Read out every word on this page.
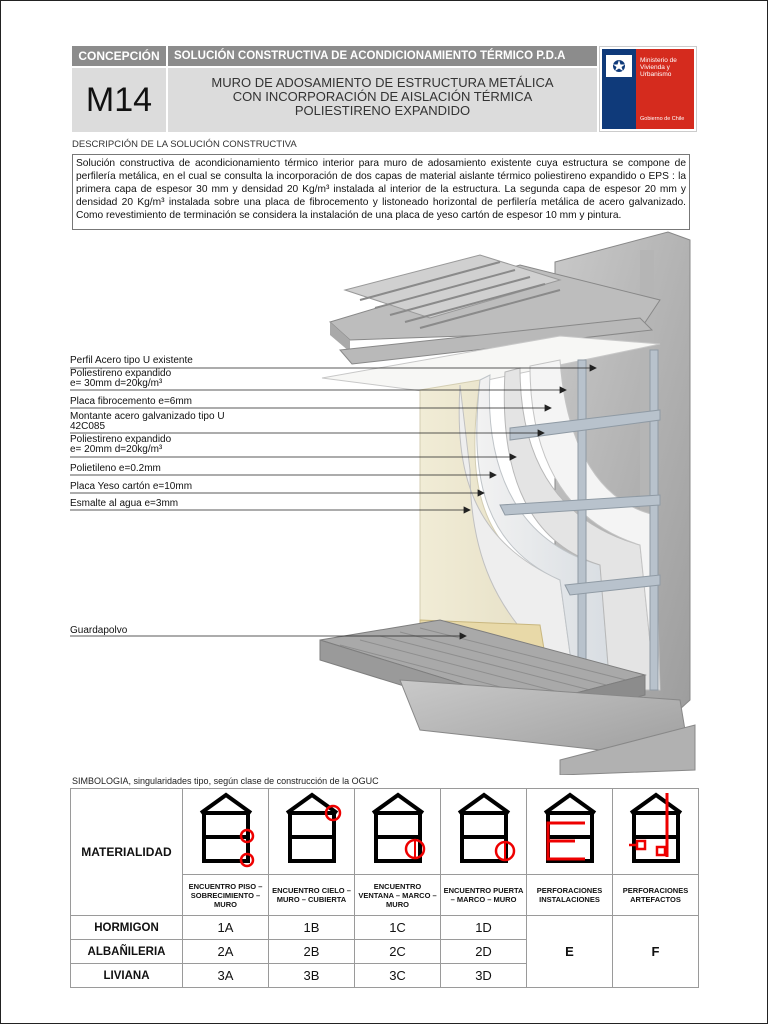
CONCEPCIÓN	SOLUCIÓN CONSTRUCTIVA DE ACONDICIONAMIENTO TÉRMICO P.D.A
M14	MURO DE ADOSAMIENTO DE ESTRUCTURA METÁLICA
CON INCORPORACIÓN DE AISLACIÓN TÉRMICA
POLIESTIRENO EXPANDIDO
Ministerio de
Vivienda y
Urbanismo
Gobierno de Chile
DESCRIPCIÓN DE LA SOLUCIÓN CONSTRUCTIVA
Solución constructiva de acondicionamiento térmico interior para muro de adosamiento existente cuya estructura se compone de perfilería metálica, en el cual se consulta la incorporación de dos capas de material aislante térmico poliestireno expandido o EPS : la primera capa de espesor 30 mm y densidad 20 Kg/m³ instalada al interior de la estructura. La segunda capa de espesor 20 mm y densidad 20 Kg/m³ instalada sobre una placa de fibrocemento y listoneado horizontal de perfilería metálica de acero galvanizado. Como revestimiento de terminación se considera la instalación de una placa de yeso cartón de espesor 10 mm y pintura.
Perfil Acero tipo U existente
Poliestireno expandido
e= 30mm d=20kg/m³
Placa fibrocemento e=6mm
Montante acero galvanizado tipo U
42C085
Poliestireno expandido
e= 20mm d=20kg/m³
Polietileno e=0.2mm
Placa Yeso cartón e=10mm
Esmalte al agua e=3mm
Guardapolvo
SIMBOLOGIA, singularidades tipo, según clase de construcción de la OGUC
MATERIALIDAD						
	ENCUENTRO PISO – SOBRECIMIENTO – MURO	ENCUENTRO CIELO – MURO – CUBIERTA	ENCUENTRO VENTANA – MARCO – MURO	ENCUENTRO PUERTA – MARCO – MURO	PERFORACIONES INSTALACIONES	PERFORACIONES ARTEFACTOS
HORMIGON	1A	1B	1C	1D	E	F
ALBAÑILERIA	2A	2B	2C	2D		
LIVIANA	3A	3B	3C	3D		
